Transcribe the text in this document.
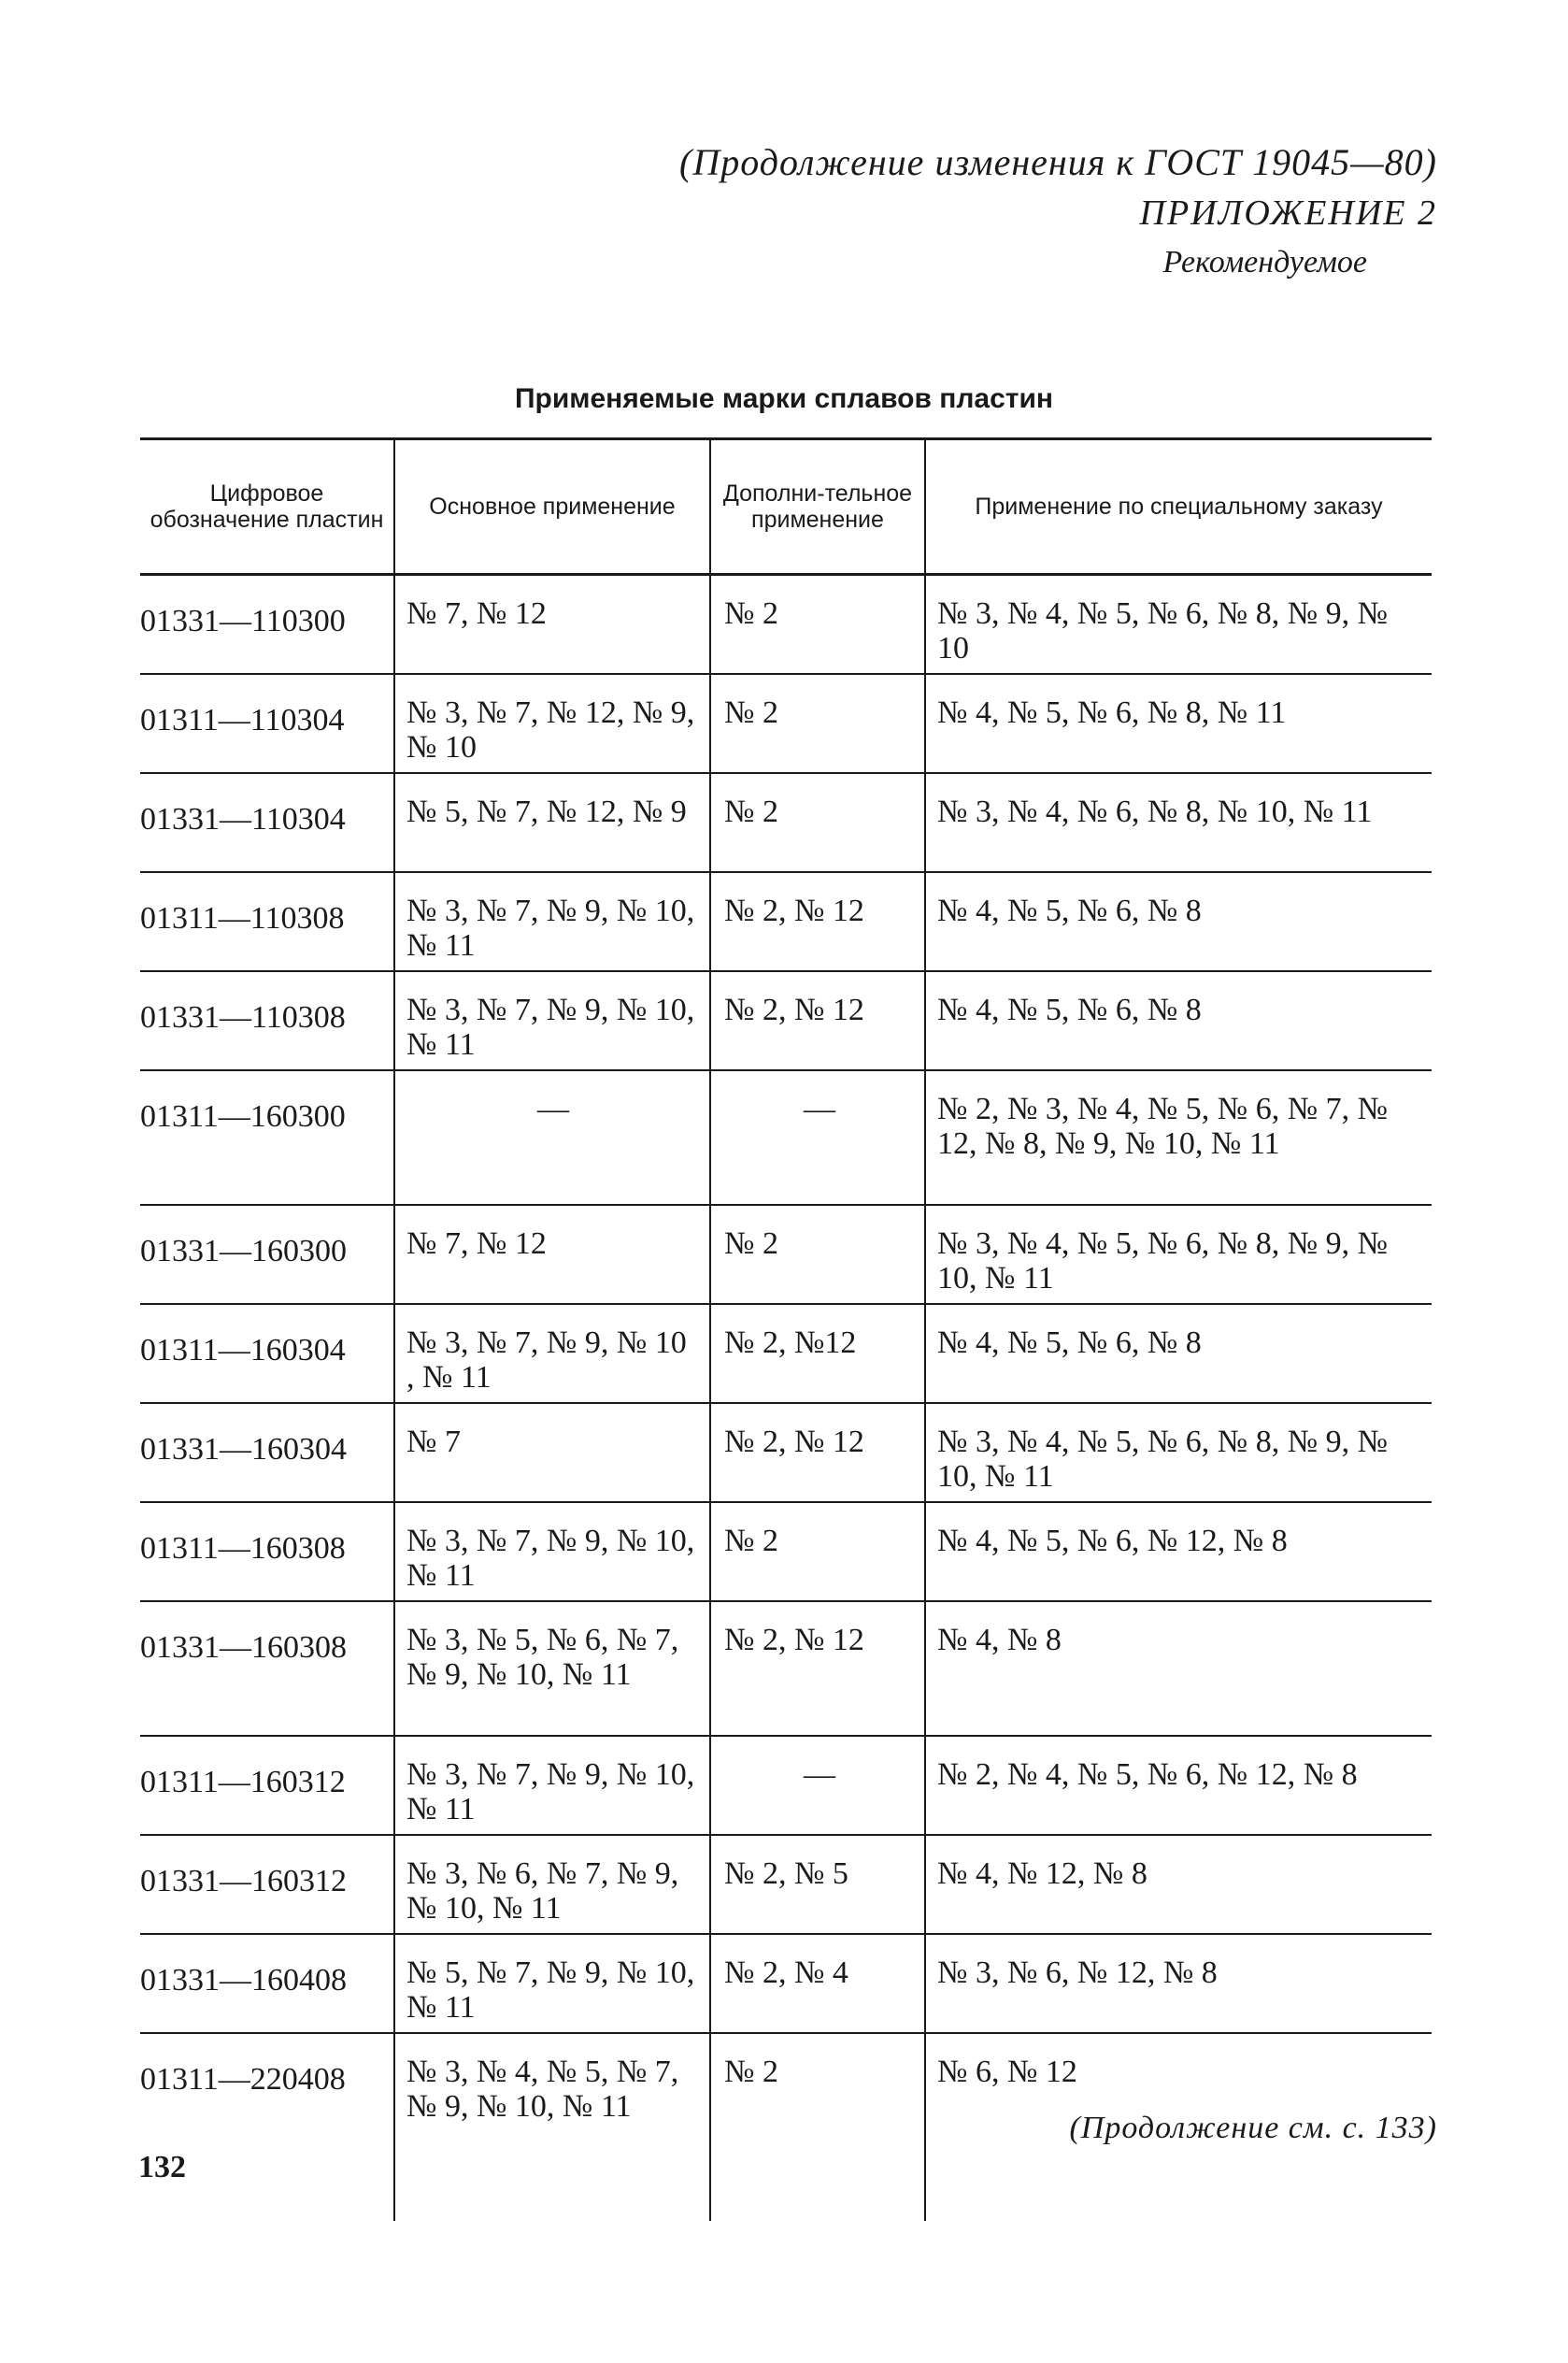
(Продолжение изменения к ГОСТ 19045—80)
ПРИЛОЖЕНИЕ 2
Рекомендуемое
Применяемые марки сплавов пластин
Цифровое обозначение пластин	Основное применение	Дополни-тельное применение	Применение по специальному заказу
01331—110300	№ 7, № 12	№ 2	№ 3, № 4, № 5, № 6, № 8, № 9, № 10
01311—110304	№ 3, № 7, № 12, № 9, № 10	№ 2	№ 4, № 5, № 6, № 8, № 11
01331—110304	№ 5, № 7, № 12, № 9	№ 2	№ 3, № 4, № 6, № 8, № 10, № 11
01311—110308	№ 3, № 7, № 9, № 10, № 11	№ 2, № 12	№ 4, № 5, № 6, № 8
01331—110308	№ 3, № 7, № 9, № 10, № 11	№ 2, № 12	№ 4, № 5, № 6, № 8
01311—160300	—	—	№ 2, № 3, № 4, № 5, № 6, № 7, № 12, № 8, № 9, № 10, № 11
01331—160300	№ 7, № 12	№ 2	№ 3, № 4, № 5, № 6, № 8, № 9, № 10, № 11
01311—160304	№ 3, № 7, № 9, № 10 , № 11	№ 2, №12	№ 4, № 5, № 6, № 8
01331—160304	№ 7	№ 2, № 12	№ 3, № 4, № 5, № 6, № 8, № 9, № 10, № 11
01311—160308	№ 3, № 7, № 9, № 10, № 11	№ 2	№ 4, № 5, № 6, № 12, № 8
01331—160308	№ 3, № 5, № 6, № 7, № 9, № 10, № 11	№ 2, № 12	№ 4, № 8
01311—160312	№ 3, № 7, № 9, № 10, № 11	—	№ 2, № 4, № 5, № 6, № 12, № 8
01331—160312	№ 3, № 6, № 7, № 9, № 10, № 11	№ 2, № 5	№ 4, № 12, № 8
01331—160408	№ 5, № 7, № 9, № 10, № 11	№ 2, № 4	№ 3, № 6, № 12, № 8
01311—220408	№ 3, № 4, № 5, № 7, № 9, № 10, № 11	№ 2	№ 6, № 12
(Продолжение см. с. 133)
132
